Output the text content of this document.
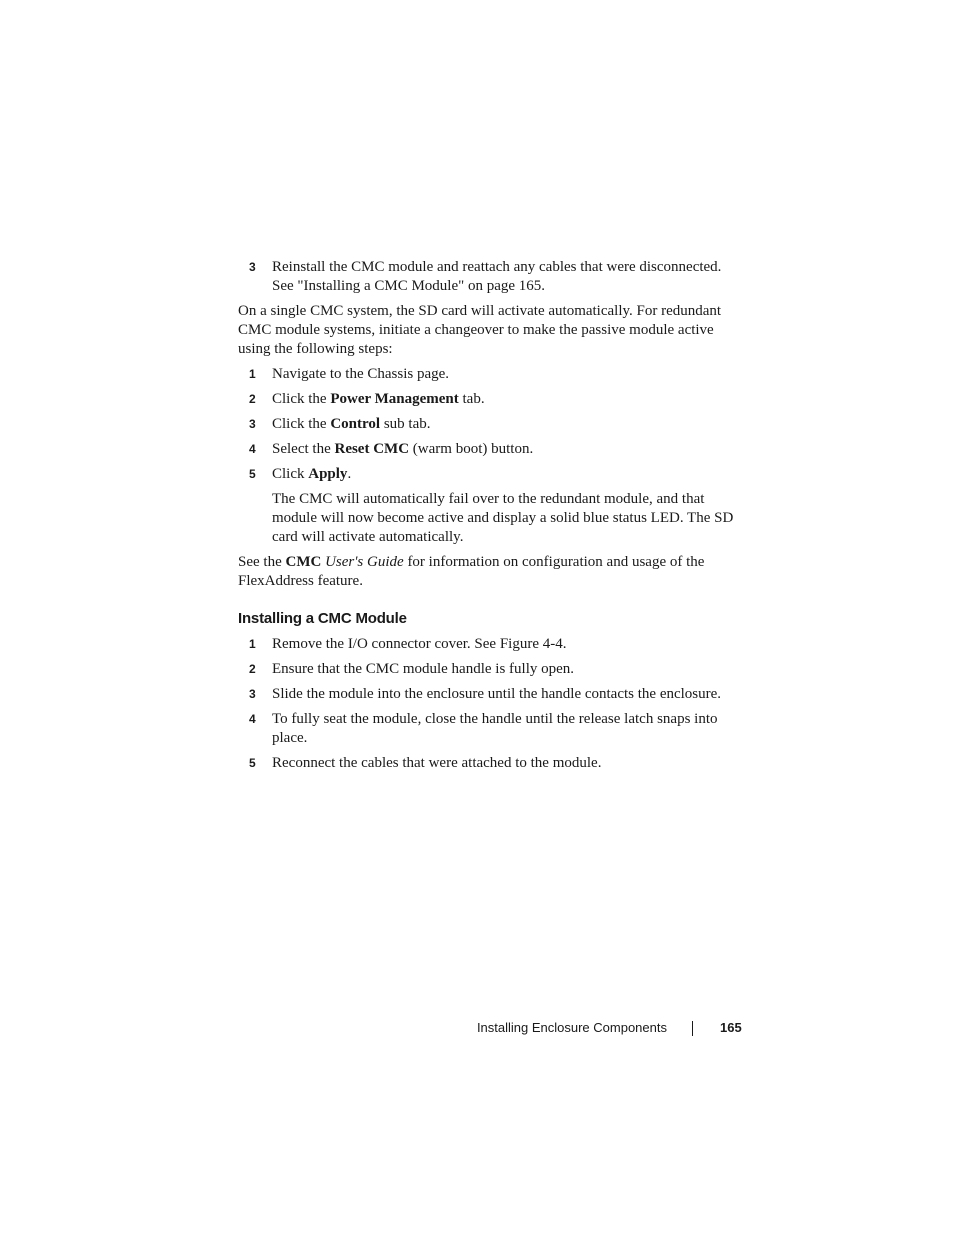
3 Reinstall the CMC module and reattach any cables that were disconnected. See "Installing a CMC Module" on page 165.

On a single CMC system, the SD card will activate automatically. For redundant CMC module systems, initiate a changeover to make the passive module active using the following steps:

1 Navigate to the Chassis page.
2 Click the Power Management tab.
3 Click the Control sub tab.
4 Select the Reset CMC (warm boot) button.
5 Click Apply.

The CMC will automatically fail over to the redundant module, and that module will now become active and display a solid blue status LED. The SD card will activate automatically.

See the CMC User's Guide for information on configuration and usage of the FlexAddress feature.

Installing a CMC Module
1 Remove the I/O connector cover. See Figure 4-4.
2 Ensure that the CMC module handle is fully open.
3 Slide the module into the enclosure until the handle contacts the enclosure.
4 To fully seat the module, close the handle until the release latch snaps into place.
5 Reconnect the cables that were attached to the module.
Installing Enclosure Components	165
